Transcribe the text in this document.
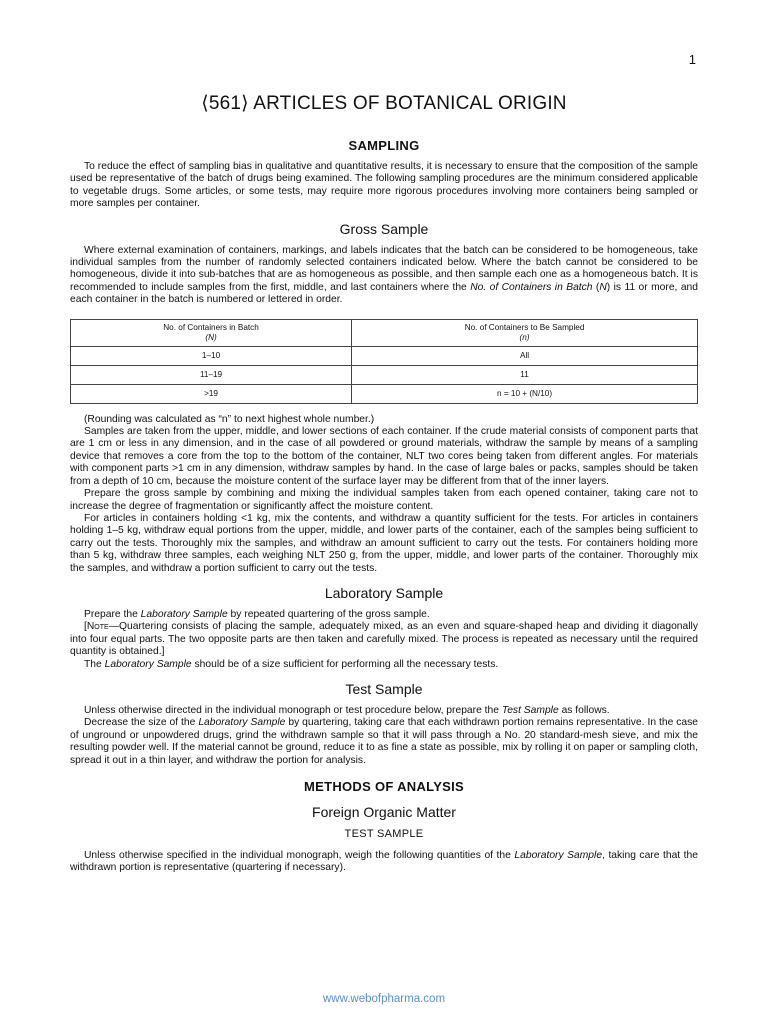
1
⟨561⟩ ARTICLES OF BOTANICAL ORIGIN
SAMPLING

To reduce the effect of sampling bias in qualitative and quantitative results, it is necessary to ensure that the composition of the sample used be representative of the batch of drugs being examined. The following sampling procedures are the minimum considered applicable to vegetable drugs. Some articles, or some tests, may require more rigorous procedures involving more containers being sampled or more samples per container.

Gross Sample

Where external examination of containers, markings, and labels indicates that the batch can be considered to be homogeneous, take individual samples from the number of randomly selected containers indicated below. Where the batch cannot be considered to be homogeneous, divide it into sub-batches that are as homogeneous as possible, and then sample each one as a homogeneous batch. It is recommended to include samples from the first, middle, and last containers where the No. of Containers in Batch (N) is 11 or more, and each container in the batch is numbered or lettered in order.

No. of Containers in Batch
(N)	No. of Containers to Be Sampled
(n)
1–10	All
11–19	11
>19	n = 10 + (N/10)

(Rounding was calculated as “n” to next highest whole number.)

Samples are taken from the upper, middle, and lower sections of each container. If the crude material consists of component parts that are 1 cm or less in any dimension, and in the case of all powdered or ground materials, withdraw the sample by means of a sampling device that removes a core from the top to the bottom of the container, NLT two cores being taken from different angles. For materials with component parts >1 cm in any dimension, withdraw samples by hand. In the case of large bales or packs, samples should be taken from a depth of 10 cm, because the moisture content of the surface layer may be different from that of the inner layers.

Prepare the gross sample by combining and mixing the individual samples taken from each opened container, taking care not to increase the degree of fragmentation or significantly affect the moisture content.

For articles in containers holding <1 kg, mix the contents, and withdraw a quantity sufficient for the tests. For articles in containers holding 1–5 kg, withdraw equal portions from the upper, middle, and lower parts of the container, each of the samples being sufficient to carry out the tests. Thoroughly mix the samples, and withdraw an amount sufficient to carry out the tests. For containers holding more than 5 kg, withdraw three samples, each weighing NLT 250 g, from the upper, middle, and lower parts of the container. Thoroughly mix the samples, and withdraw a portion sufficient to carry out the tests.

Laboratory Sample

Prepare the Laboratory Sample by repeated quartering of the gross sample.

[Note—Quartering consists of placing the sample, adequately mixed, as an even and square-shaped heap and dividing it diagonally into four equal parts. The two opposite parts are then taken and carefully mixed. The process is repeated as necessary until the required quantity is obtained.]

The Laboratory Sample should be of a size sufficient for performing all the necessary tests.

Test Sample

Unless otherwise directed in the individual monograph or test procedure below, prepare the Test Sample as follows.

Decrease the size of the Laboratory Sample by quartering, taking care that each withdrawn portion remains representative. In the case of unground or unpowdered drugs, grind the withdrawn sample so that it will pass through a No. 20 standard-mesh sieve, and mix the resulting powder well. If the material cannot be ground, reduce it to as fine a state as possible, mix by rolling it on paper or sampling cloth, spread it out in a thin layer, and withdraw the portion for analysis.

METHODS OF ANALYSIS
Foreign Organic Matter
TEST SAMPLE

Unless otherwise specified in the individual monograph, weigh the following quantities of the Laboratory Sample, taking care that the withdrawn portion is representative (quartering if necessary).

www.webofpharma.com
